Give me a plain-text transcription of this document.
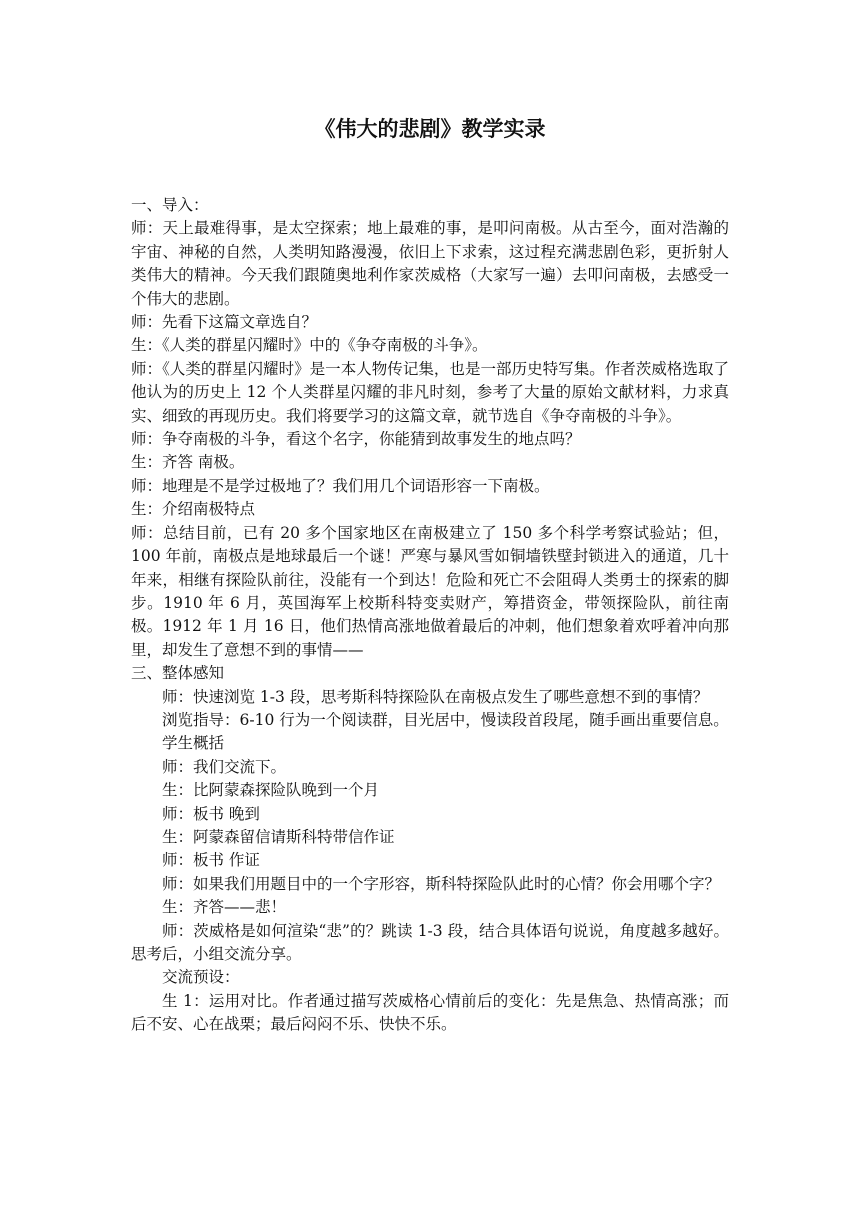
《伟大的悲剧》教学实录

一、导入：

师：天上最难得事，是太空探索；地上最难的事，是叩问南极。从古至今，面对浩瀚的宇宙、神秘的自然，人类明知路漫漫，依旧上下求索，这过程充满悲剧色彩，更折射人类伟大的精神。今天我们跟随奥地利作家茨威格（大家写一遍）去叩问南极，去感受一个伟大的悲剧。

师：先看下这篇文章选自？

生：《人类的群星闪耀时》中的《争夺南极的斗争》。

师：《人类的群星闪耀时》是一本人物传记集，也是一部历史特写集。作者茨威格选取了他认为的历史上 12 个人类群星闪耀的非凡时刻，参考了大量的原始文献材料，力求真实、细致的再现历史。我们将要学习的这篇文章，就节选自《争夺南极的斗争》。

师：争夺南极的斗争，看这个名字，你能猜到故事发生的地点吗？

生：齐答 南极。

师：地理是不是学过极地了？我们用几个词语形容一下南极。

生：介绍南极特点

师：总结目前，已有 20 多个国家地区在南极建立了 150 多个科学考察试验站；但，100 年前，南极点是地球最后一个谜！严寒与暴风雪如铜墙铁壁封锁进入的通道，几十年来，相继有探险队前往，没能有一个到达！危险和死亡不会阻碍人类勇士的探索的脚步。1910 年 6 月，英国海军上校斯科特变卖财产，筹措资金，带领探险队，前往南极。1912 年 1 月 16 日，他们热情高涨地做着最后的冲刺，他们想象着欢呼着冲向那里，却发生了意想不到的事情——

三、整体感知

师：快速浏览 1-3 段，思考斯科特探险队在南极点发生了哪些意想不到的事情？

浏览指导：6-10 行为一个阅读群，目光居中，慢读段首段尾，随手画出重要信息。

学生概括

师：我们交流下。

生：比阿蒙森探险队晚到一个月

师：板书 晚到

生：阿蒙森留信请斯科特带信作证

师：板书 作证

师：如果我们用题目中的一个字形容，斯科特探险队此时的心情？你会用哪个字？

生：齐答——悲！

师：茨威格是如何渲染“悲”的？跳读 1-3 段，结合具体语句说说，角度越多越好。思考后，小组交流分享。

交流预设：

生 1：运用对比。作者通过描写茨威格心情前后的变化：先是焦急、热情高涨；而后不安、心在战栗；最后闷闷不乐、快快不乐。
